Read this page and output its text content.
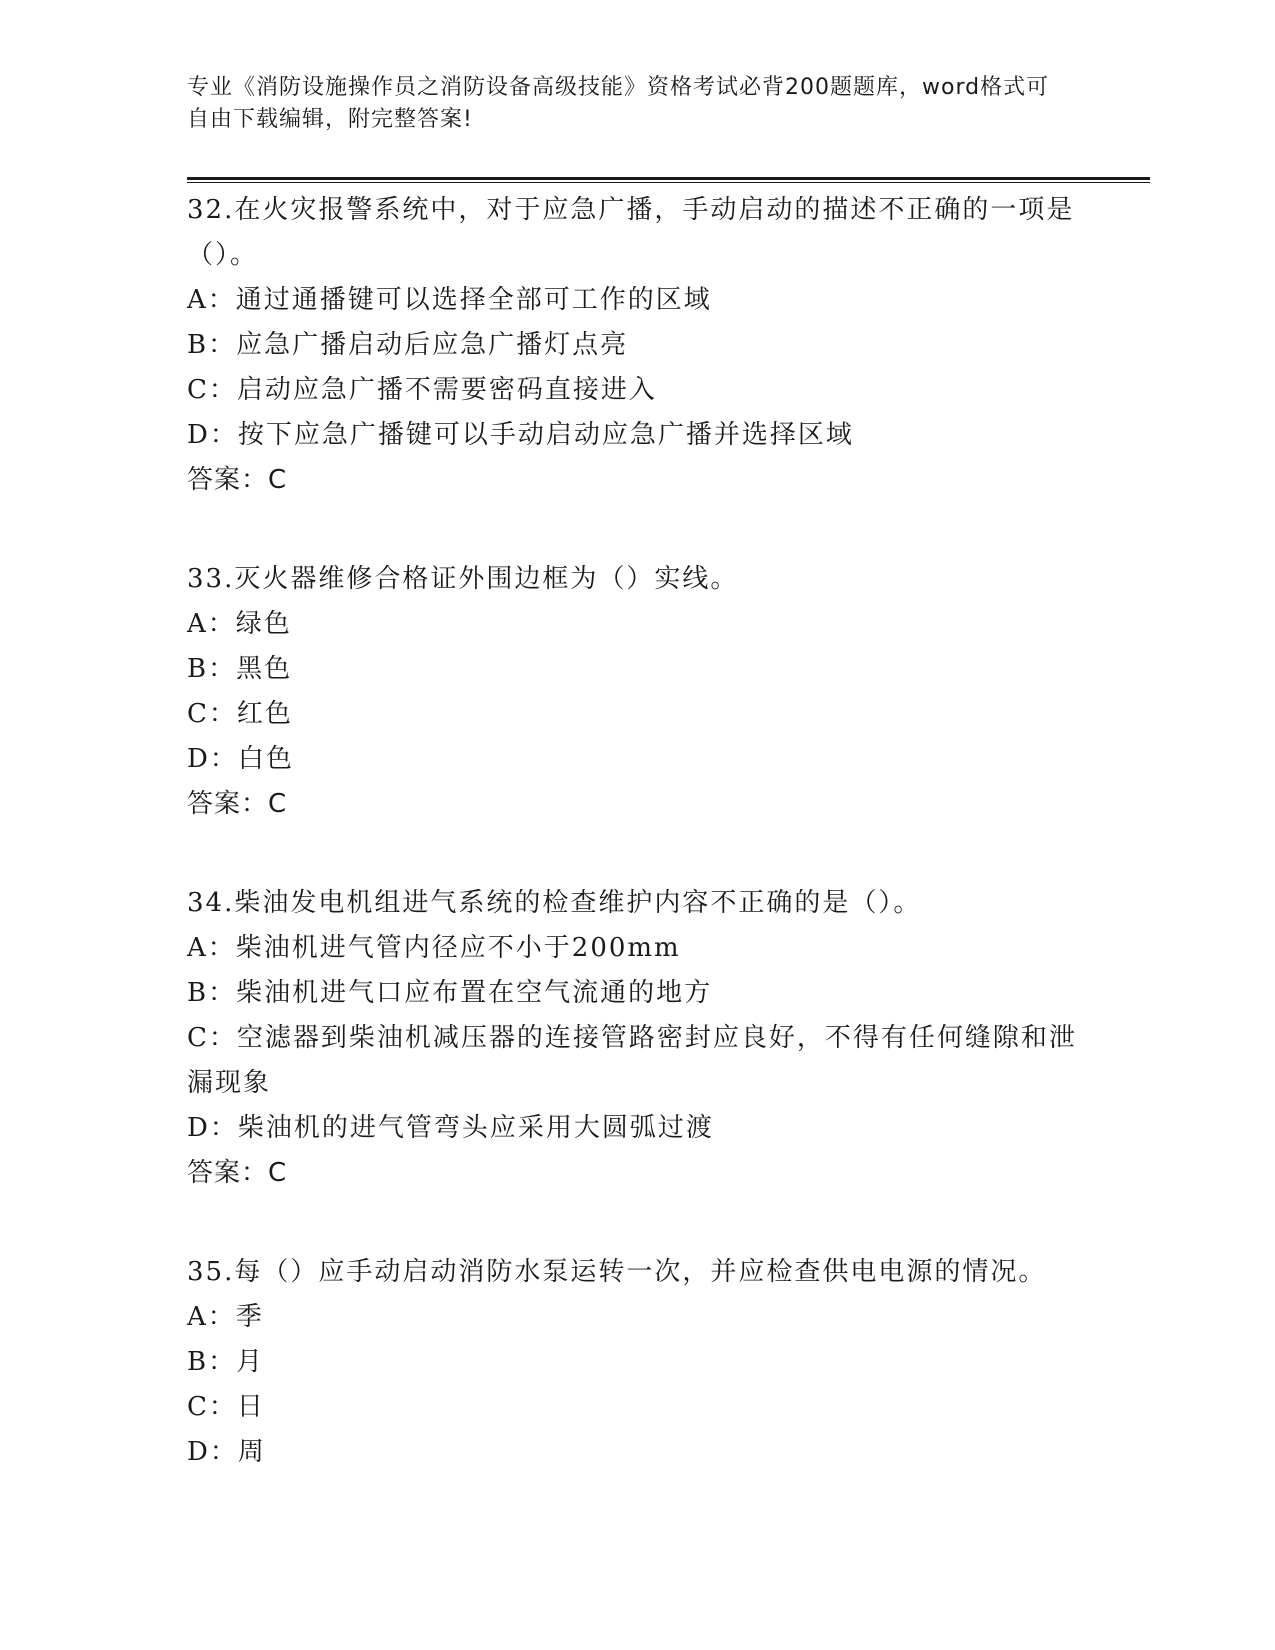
专业《消防设施操作员之消防设备高级技能》资格考试必背200题题库，word格式可自由下载编辑，附完整答案!

32.在火灾报警系统中，对于应急广播，手动启动的描述不正确的一项是（）。

A：通过通播键可以选择全部可工作的区域

B：应急广播启动后应急广播灯点亮

C：启动应急广播不需要密码直接进入

D：按下应急广播键可以手动启动应急广播并选择区域

答案：C

33.灭火器维修合格证外围边框为（）实线。

A：绿色

B：黑色

C：红色

D：白色

答案：C

34.柴油发电机组进气系统的检查维护内容不正确的是（）。

A：柴油机进气管内径应不小于200mm

B：柴油机进气口应布置在空气流通的地方

C：空滤器到柴油机减压器的连接管路密封应良好，不得有任何缝隙和泄漏现象

D：柴油机的进气管弯头应采用大圆弧过渡

答案：C

35.每（）应手动启动消防水泵运转一次，并应检查供电电源的情况。

A：季

B：月

C：日

D：周
